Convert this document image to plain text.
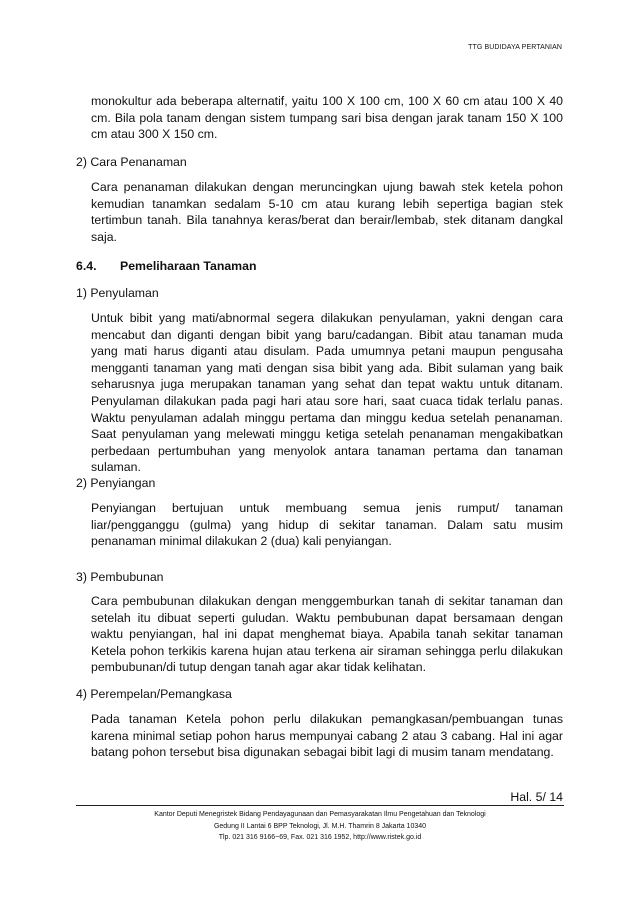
TTG BUDIDAYA PERTANIAN
monokultur ada beberapa alternatif, yaitu 100 X 100 cm, 100 X 60 cm atau 100 X 40 cm. Bila pola tanam dengan sistem tumpang sari bisa dengan jarak tanam 150 X 100 cm atau 300 X 150 cm.
2) Cara Penanaman
Cara penanaman dilakukan dengan meruncingkan ujung bawah stek ketela pohon kemudian tanamkan sedalam 5-10 cm atau kurang lebih sepertiga bagian stek tertimbun tanah. Bila tanahnya keras/berat dan berair/lembab, stek ditanam dangkal saja.
6.4. Pemeliharaan Tanaman
1) Penyulaman
Untuk bibit yang mati/abnormal segera dilakukan penyulaman, yakni dengan cara mencabut dan diganti dengan bibit yang baru/cadangan. Bibit atau tanaman muda yang mati harus diganti atau disulam. Pada umumnya petani maupun pengusaha mengganti tanaman yang mati dengan sisa bibit yang ada. Bibit sulaman yang baik seharusnya juga merupakan tanaman yang sehat dan tepat waktu untuk ditanam. Penyulaman dilakukan pada pagi hari atau sore hari, saat cuaca tidak terlalu panas. Waktu penyulaman adalah minggu pertama dan minggu kedua setelah penanaman. Saat penyulaman yang melewati minggu ketiga setelah penanaman mengakibatkan perbedaan pertumbuhan yang menyolok antara tanaman pertama dan tanaman sulaman.
2) Penyiangan
Penyiangan bertujuan untuk membuang semua jenis rumput/ tanaman liar/pengganggu (gulma) yang hidup di sekitar tanaman. Dalam satu musim penanaman minimal dilakukan 2 (dua) kali penyiangan.
3) Pembubunan
Cara pembubunan dilakukan dengan menggemburkan tanah di sekitar tanaman dan setelah itu dibuat seperti guludan. Waktu pembubunan dapat bersamaan dengan waktu penyiangan, hal ini dapat menghemat biaya. Apabila tanah sekitar tanaman Ketela pohon terkikis karena hujan atau terkena air siraman sehingga perlu dilakukan pembubunan/di tutup dengan tanah agar akar tidak kelihatan.
4) Perempelan/Pemangkasa
Pada tanaman Ketela pohon perlu dilakukan pemangkasan/pembuangan tunas karena minimal setiap pohon harus mempunyai cabang 2 atau 3 cabang. Hal ini agar batang pohon tersebut bisa digunakan sebagai bibit lagi di musim tanam mendatang.
Hal. 5/ 14
Kantor Deputi Menegristek Bidang Pendayagunaan dan Pemasyarakatan Ilmu Pengetahuan dan Teknologi
Gedung II Lantai 6 BPP Teknologi, Jl. M.H. Thamrin 8 Jakarta 10340
Tlp. 021 316 9166~69, Fax. 021 316 1952, http://www.ristek.go.id
